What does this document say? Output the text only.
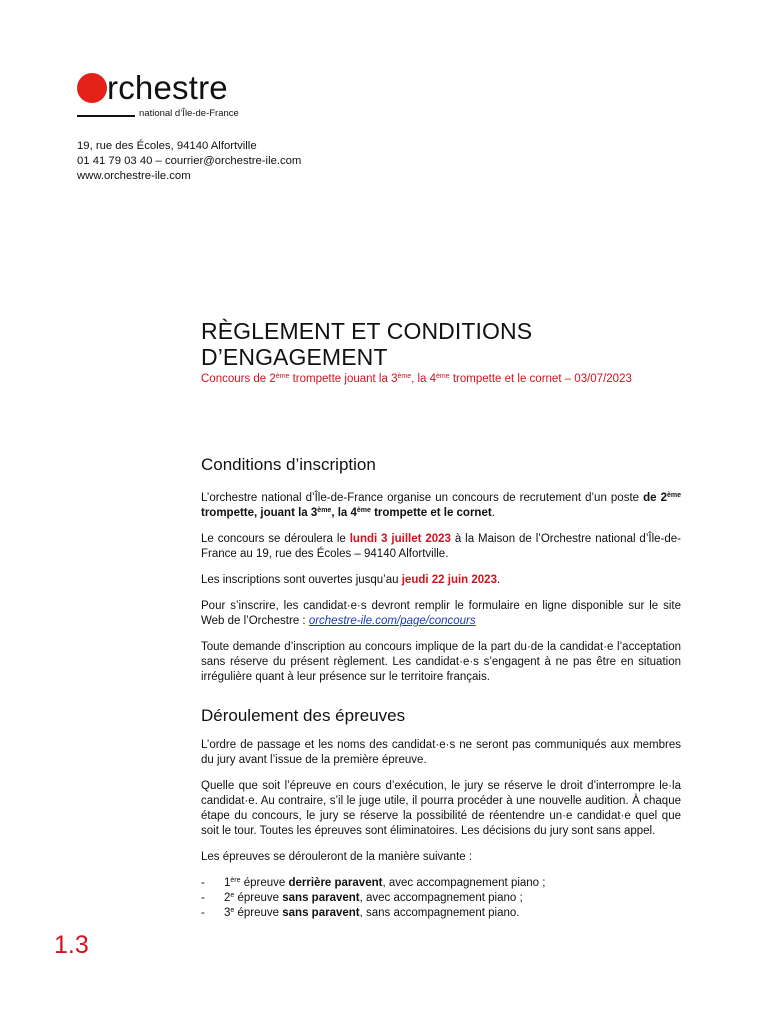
rchestre
national d’Île-de-France
19, rue des Écoles, 94140 Alfortville
01 41 79 03 40 – courrier@orchestre-ile.com
www.orchestre-ile.com
RÈGLEMENT ET CONDITIONS
D’ENGAGEMENT
Concours de 2ème trompette jouant la 3ème, la 4ème trompette et le cornet – 03/07/2023
Conditions d’inscription

L’orchestre national d’Île-de-France organise un concours de recrutement d’un poste de 2ème trompette, jouant la 3ème, la 4ème trompette et le cornet.

Le concours se déroulera le lundi 3 juillet 2023 à la Maison de l’Orchestre national d’Île-de-France au 19, rue des Écoles – 94140 Alfortville.

Les inscriptions sont ouvertes jusqu’au jeudi 22 juin 2023.

Pour s’inscrire, les candidat·e·s devront remplir le formulaire en ligne disponible sur le site Web de l’Orchestre : orchestre-ile.com/page/concours

Toute demande d’inscription au concours implique de la part du·de la candidat·e l’acceptation sans réserve du présent règlement. Les candidat·e·s s’engagent à ne pas être en situation irrégulière quant à leur présence sur le territoire français.

Déroulement des épreuves

L’ordre de passage et les noms des candidat·e·s ne seront pas communiqués aux membres du jury avant l’issue de la première épreuve.

Quelle que soit l’épreuve en cours d’exécution, le jury se réserve le droit d’interrompre le·la candidat·e. Au contraire, s’il le juge utile, il pourra procéder à une nouvelle audition. À chaque étape du concours, le jury se réserve la possibilité de réentendre un·e candidat·e quel que soit le tour. Toutes les épreuves sont éliminatoires. Les décisions du jury sont sans appel.

Les épreuves se dérouleront de la manière suivante :

- 1ère épreuve derrière paravent, avec accompagnement piano ;
- 2e épreuve sans paravent, avec accompagnement piano ;
- 3e épreuve sans paravent, sans accompagnement piano.
1.3
